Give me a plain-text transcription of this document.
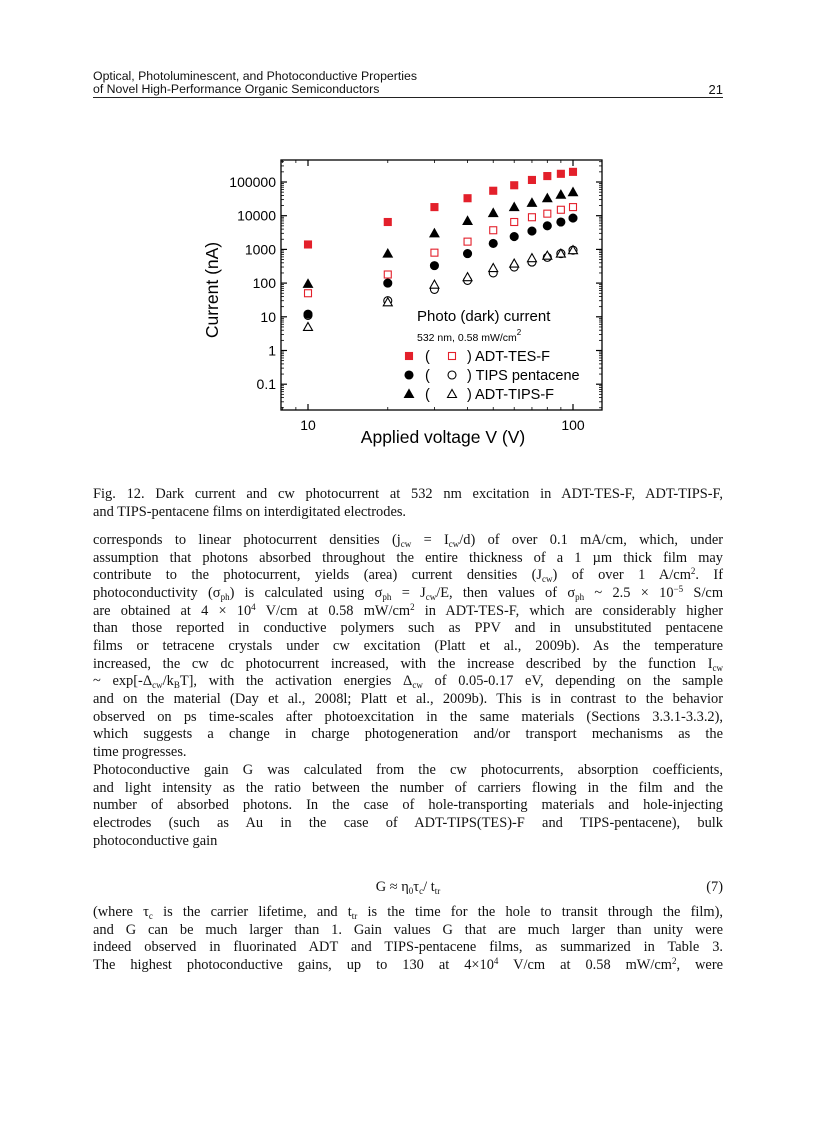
Optical, Photoluminescent, and Photoconductive Properties
of Novel High-Performance Organic Semiconductors	21
0.1
1
10
100
1000
10000
100000
10	100
Current (nA)
Applied voltage V (V)
Photo (dark) current
532 nm, 0.58 $mW/cm^2$
(	) ADT-TES-F
(	) TIPS pentacene
(	) ADT-TIPS-F
Fig. 12. Dark current and cw photocurrent at 532 nm excitation in ADT-TES-F, ADT-TIPS-F,
and TIPS-pentacene films on interdigitated electrodes.
corresponds to linear photocurrent densities $(j_{cw} = I_{cw}/d)$ of over 0.1 mA/cm, which, under
assumption that photons absorbed throughout the entire thickness of a 1 µm thick film may
contribute to the photocurrent, yields (area) current densities $(J_{cw})$ of over 1 $A/cm^2$. If
photoconductivity $(\sigma_{ph})$ is calculated using $\sigma_{ph} = J_{cw}/E$, then values of $\sigma_{ph}$ ~ $2.5 \times 10^{-5}$ S/cm
are obtained at $4 \times 10^4$ V/cm at 0.58 $mW/cm^2$ in ADT-TES-F, which are considerably higher
than those reported in conductive polymers such as PPV and in unsubstituted pentacene
films or tetracene crystals under cw excitation (Platt et al., 2009b). As the temperature
increased, the cw dc photocurrent increased, with the increase described by the function $I_{cw}$
~ $\exp[-\Delta_{cw}/k_BT]$, with the activation energies $\Delta_{cw}$ of 0.05-0.17 eV, depending on the sample
and on the material (Day et al., 2008l; Platt et al., 2009b). This is in contrast to the behavior
observed on ps time-scales after photoexcitation in the same materials (Sections 3.3.1-3.3.2),
which suggests a change in charge photogeneration and/or transport mechanisms as the
time progresses.
Photoconductive gain G was calculated from the cw photocurrents, absorption coefficients,
and light intensity as the ratio between the number of carriers flowing in the film and the
number of absorbed photons. In the case of hole-transporting materials and hole-injecting
electrodes (such as Au in the case of ADT-TIPS(TES)-F and TIPS-pentacene), bulk
photoconductive gain
(where $\tau_c$ is the carrier lifetime, and $t_{tr}$ is the time for the hole to transit through the film),
and G can be much larger than 1. Gain values G that are much larger than unity were
indeed observed in fluorinated ADT and TIPS-pentacene films, as summarized in Table 3.
The highest photoconductive gains, up to 130 at $4\times 10^4$ V/cm at 0.58 $mW/cm^2$, were
$G \approx \eta_0\tau_c/$ $t_{tr}$	(7)
